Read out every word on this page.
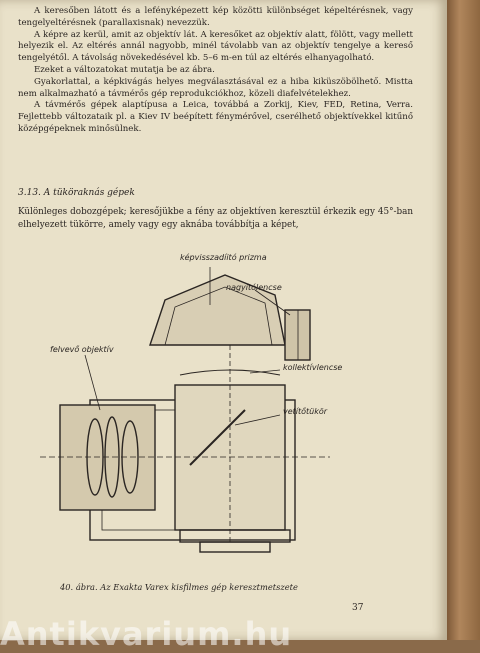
A keresőben látott és a lefényképezett kép közötti különbséget képeltérésnek, vagy tengelyeltérésnek (parallaxisnak) nevezzük.

A képre az kerül, amit az objektív lát. A keresőket az objektív alatt, fölött, vagy mellett helyezik el. Az eltérés annál nagyobb, minél távolabb van az objektív tengelye a kereső tengelyétől. A távolság növekedésével kb. 5–6 m-en túl az eltérés elhanyagolható.

Ezeket a változatokat mutatja be az ábra.

Gyakorlattal, a képkivágás helyes megválasztásával ez a hiba kiküszöbölhető. Mistta nem alkalmazható a távmérős gép reprodukciókhoz, közeli diafelvételekhez.

A távmérős gépek alaptípusa a Leica, továbbá a Zorkij, Kiev, FED, Retina, Verra. Fejlettebb változataik pl. a Kiev IV beépített fénymérővel, cserélhető objektívekkel kitűnő középgépeknek minősülnek.

3.13. A tüköraknás gépek

Különleges dobozgépek; keresőjükbe a fény az objektíven keresztül érkezik egy 45°-ban elhelyezett tükörre, amely vagy egy aknába továbbítja a képet,

képvisszadíitó prizma
nagyítólencse
felvevő objektív
kollektívlencse
vetítőtükör
40. ábra. Az Exakta Varex kisfilmes gép keresztmetszete
37
Antikvarium.hu
